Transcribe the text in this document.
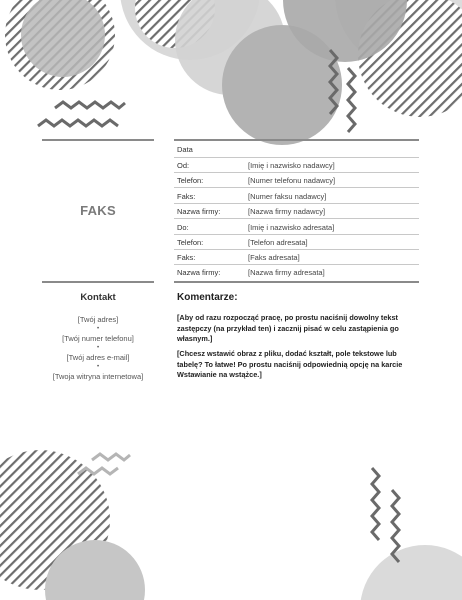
FAKS
Data
Od:	[Imię i nazwisko nadawcy]
Telefon:	[Numer telefonu nadawcy]
Faks:	[Numer faksu nadawcy]
Nazwa firmy:	[Nazwa firmy nadawcy]
Do:	[Imię i nazwisko adresata]
Telefon:	[Telefon adresata]
Faks:	[Faks adresata]
Nazwa firmy:	[Nazwa firmy adresata]
Kontakt
[Twój adres]
•
[Twój numer telefonu]
•
[Twój adres e-mail]
•
[Twoja witryna internetowa]
Komentarze:

[Aby od razu rozpocząć pracę, po prostu naciśnij dowolny tekst zastępczy (na przykład ten) i zacznij pisać w celu zastąpienia go własnym.]

[Chcesz wstawić obraz z pliku, dodać kształt, pole tekstowe lub tabelę? To łatwe! Po prostu naciśnij odpowiednią opcję na karcie Wstawianie na wstążce.]
